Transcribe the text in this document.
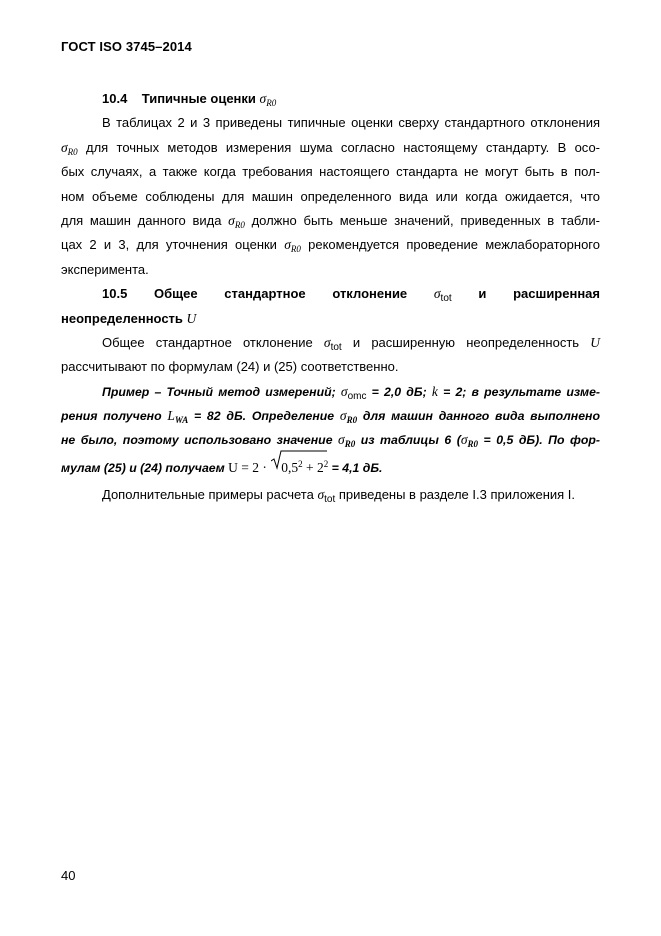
ГОСТ ISO 3745–2014
10.4 Типичные оценки $\sigma_{R0}$
В таблицах 2 и 3 приведены типичные оценки сверху стандартного отклонения
$\sigma_{R0}$ для точных методов измерения шума согласно настоящему стандарту. В осо-
бых случаях, а также когда требования настоящего стандарта не могут быть в пол-
ном объеме соблюдены для машин определенного вида или когда ожидается, что
для машин данного вида $\sigma_{R0}$ должно быть меньше значений, приведенных в табли-
цах 2 и 3, для уточнения оценки $\sigma_{R0}$ рекомендуется проведение межлабораторного
эксперимента.
10.5 Общее стандартное отклонение $\sigma_{tot}$ и расширенная
неопределенность U
Общее стандартное отклонение $\sigma_{tot}$ и расширенную неопределенность U
рассчитывают по формулам (24) и (25) соответственно.
Пример – Точный метод измерений; $\sigma_{omc} = 2,0$ дБ; k = 2; в результате изме-
рения получено $L_{WA} = 82$ дБ. Определение $\sigma_{R0}$ для машин данного вида выполнено
не было, поэтому использовано значение $\sigma_{R0}$ из таблицы 6 ($\sigma_{R0} = 0,5$ дБ). По фор-
мулам (25) и (24) получаем $U = 2 \cdot 0,5^2 + 2^2 = 4,1$ дБ.
Дополнительные примеры расчета $\sigma_{tot}$ приведены в разделе I.3 приложения I.
40
